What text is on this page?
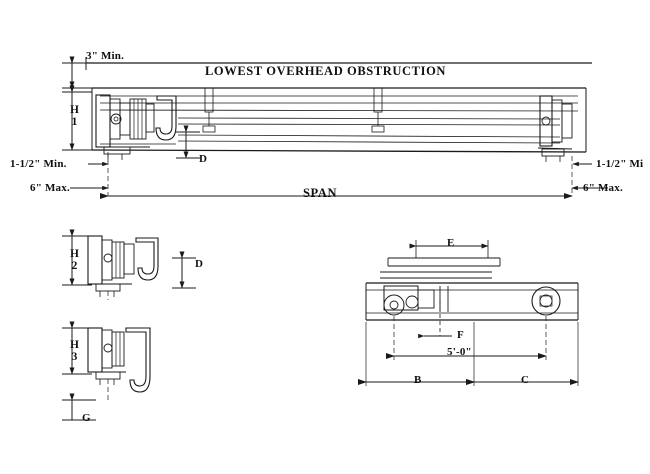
LOWEST OVERHEAD OBSTRUCTION
3" Min.
H
1
1-1/2" Min.
6" Max.
1-1/2" Mi
6" Max.
SPAN
D
H
2	D
H
3
G
E
F
5'-0"
B	C
